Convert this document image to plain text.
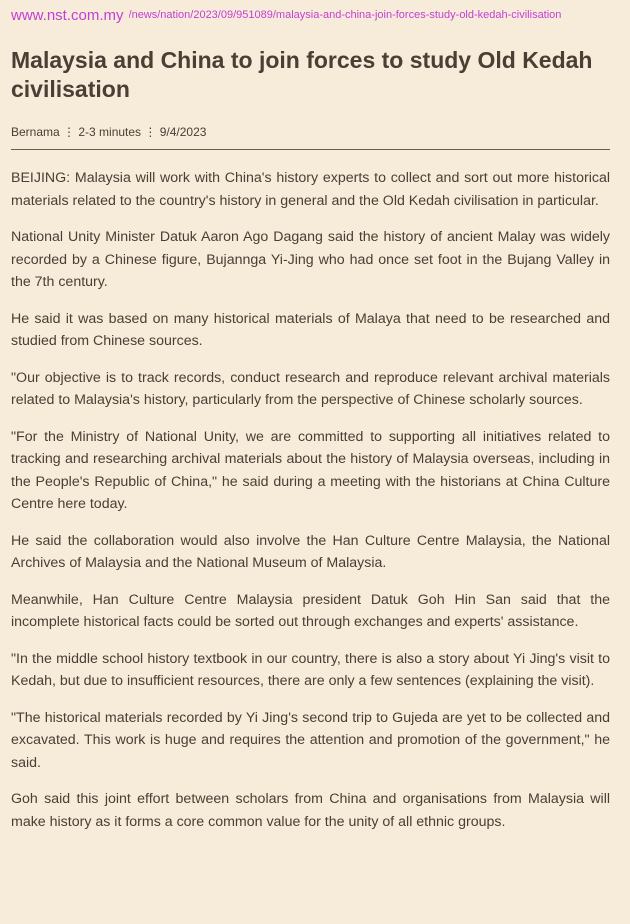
www.nst.com.my /news/nation/2023/09/951089/malaysia-and-china-join-forces-study-old-kedah-civilisation
Malaysia and China to join forces to study Old Kedah civilisation
Bernama ⋮ 2-3 minutes ⋮ 9/4/2023

BEIJING: Malaysia will work with China's history experts to collect and sort out more historical materials related to the country's history in general and the Old Kedah civilisation in particular.

National Unity Minister Datuk Aaron Ago Dagang said the history of ancient Malay was widely recorded by a Chinese figure, Bujannga Yi-Jing who had once set foot in the Bujang Valley in the 7th century.

He said it was based on many historical materials of Malaya that need to be researched and studied from Chinese sources.

"Our objective is to track records, conduct research and reproduce relevant archival materials related to Malaysia's history, particularly from the perspective of Chinese scholarly sources.

"For the Ministry of National Unity, we are committed to supporting all initiatives related to tracking and researching archival materials about the history of Malaysia overseas, including in the People's Republic of China," he said during a meeting with the historians at China Culture Centre here today.

He said the collaboration would also involve the Han Culture Centre Malaysia, the National Archives of Malaysia and the National Museum of Malaysia.

Meanwhile, Han Culture Centre Malaysia president Datuk Goh Hin San said that the incomplete historical facts could be sorted out through exchanges and experts' assistance.

"In the middle school history textbook in our country, there is also a story about Yi Jing's visit to Kedah, but due to insufficient resources, there are only a few sentences (explaining the visit).

"The historical materials recorded by Yi Jing's second trip to Gujeda are yet to be collected and excavated. This work is huge and requires the attention and promotion of the government," he said.

Goh said this joint effort between scholars from China and organisations from Malaysia will make history as it forms a core common value for the unity of all ethnic groups.
